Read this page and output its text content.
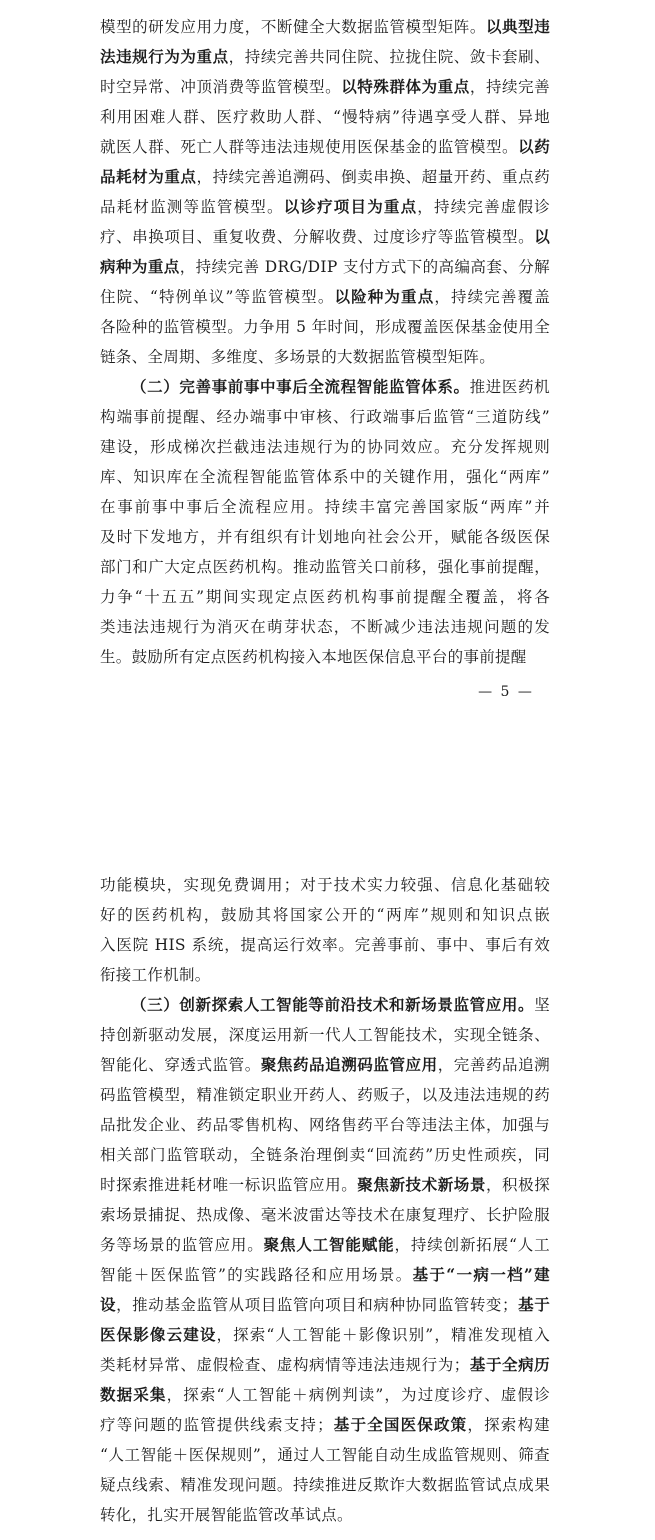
模型的研发应用力度，不断健全大数据监管模型矩阵。以典型违
法违规行为为重点，持续完善共同住院、拉拢住院、敛卡套刷、
时空异常、冲顶消费等监管模型。以特殊群体为重点，持续完善
利用困难人群、医疗救助人群、“慢特病”待遇享受人群、异地
就医人群、死亡人群等违法违规使用医保基金的监管模型。以药
品耗材为重点，持续完善追溯码、倒卖串换、超量开药、重点药
品耗材监测等监管模型。以诊疗项目为重点，持续完善虚假诊
疗、串换项目、重复收费、分解收费、过度诊疗等监管模型。以
病种为重点，持续完善 DRG/DIP 支付方式下的高编高套、分解
住院、“特例单议”等监管模型。以险种为重点，持续完善覆盖
各险种的监管模型。力争用 5 年时间，形成覆盖医保基金使用全
链条、全周期、多维度、多场景的大数据监管模型矩阵。
（二）完善事前事中事后全流程智能监管体系。推进医药机
构端事前提醒、经办端事中审核、行政端事后监管“三道防线”
建设，形成梯次拦截违法违规行为的协同效应。充分发挥规则
库、知识库在全流程智能监管体系中的关键作用，强化“两库”
在事前事中事后全流程应用。持续丰富完善国家版“两库”并
及时下发地方，并有组织有计划地向社会公开，赋能各级医保
部门和广大定点医药机构。推动监管关口前移，强化事前提醒，
力争“十五五”期间实现定点医药机构事前提醒全覆盖，将各
类违法违规行为消灭在萌芽状态，不断减少违法违规问题的发
生。鼓励所有定点医药机构接入本地医保信息平台的事前提醒
— 5 —
功能模块，实现免费调用；对于技术实力较强、信息化基础较
好的医药机构，鼓励其将国家公开的“两库”规则和知识点嵌
入医院 HIS 系统，提高运行效率。完善事前、事中、事后有效
衔接工作机制。
（三）创新探索人工智能等前沿技术和新场景监管应用。坚
持创新驱动发展，深度运用新一代人工智能技术，实现全链条、
智能化、穿透式监管。聚焦药品追溯码监管应用，完善药品追溯
码监管模型，精准锁定职业开药人、药贩子，以及违法违规的药
品批发企业、药品零售机构、网络售药平台等违法主体，加强与
相关部门监管联动，全链条治理倒卖“回流药”历史性顽疾，同
时探索推进耗材唯一标识监管应用。聚焦新技术新场景，积极探
索场景捕捉、热成像、毫米波雷达等技术在康复理疗、长护险服
务等场景的监管应用。聚焦人工智能赋能，持续创新拓展“人工
智能＋医保监管”的实践路径和应用场景。基于“一病一档”建
设，推动基金监管从项目监管向项目和病种协同监管转变；基于
医保影像云建设，探索“人工智能＋影像识别”，精准发现植入
类耗材异常、虚假检查、虚构病情等违法违规行为；基于全病历
数据采集，探索“人工智能＋病例判读”，为过度诊疗、虚假诊
疗等问题的监管提供线索支持；基于全国医保政策，探索构建
“人工智能＋医保规则”，通过人工智能自动生成监管规则、筛查
疑点线索、精准发现问题。持续推进反欺诈大数据监管试点成果
转化，扎实开展智能监管改革试点。
